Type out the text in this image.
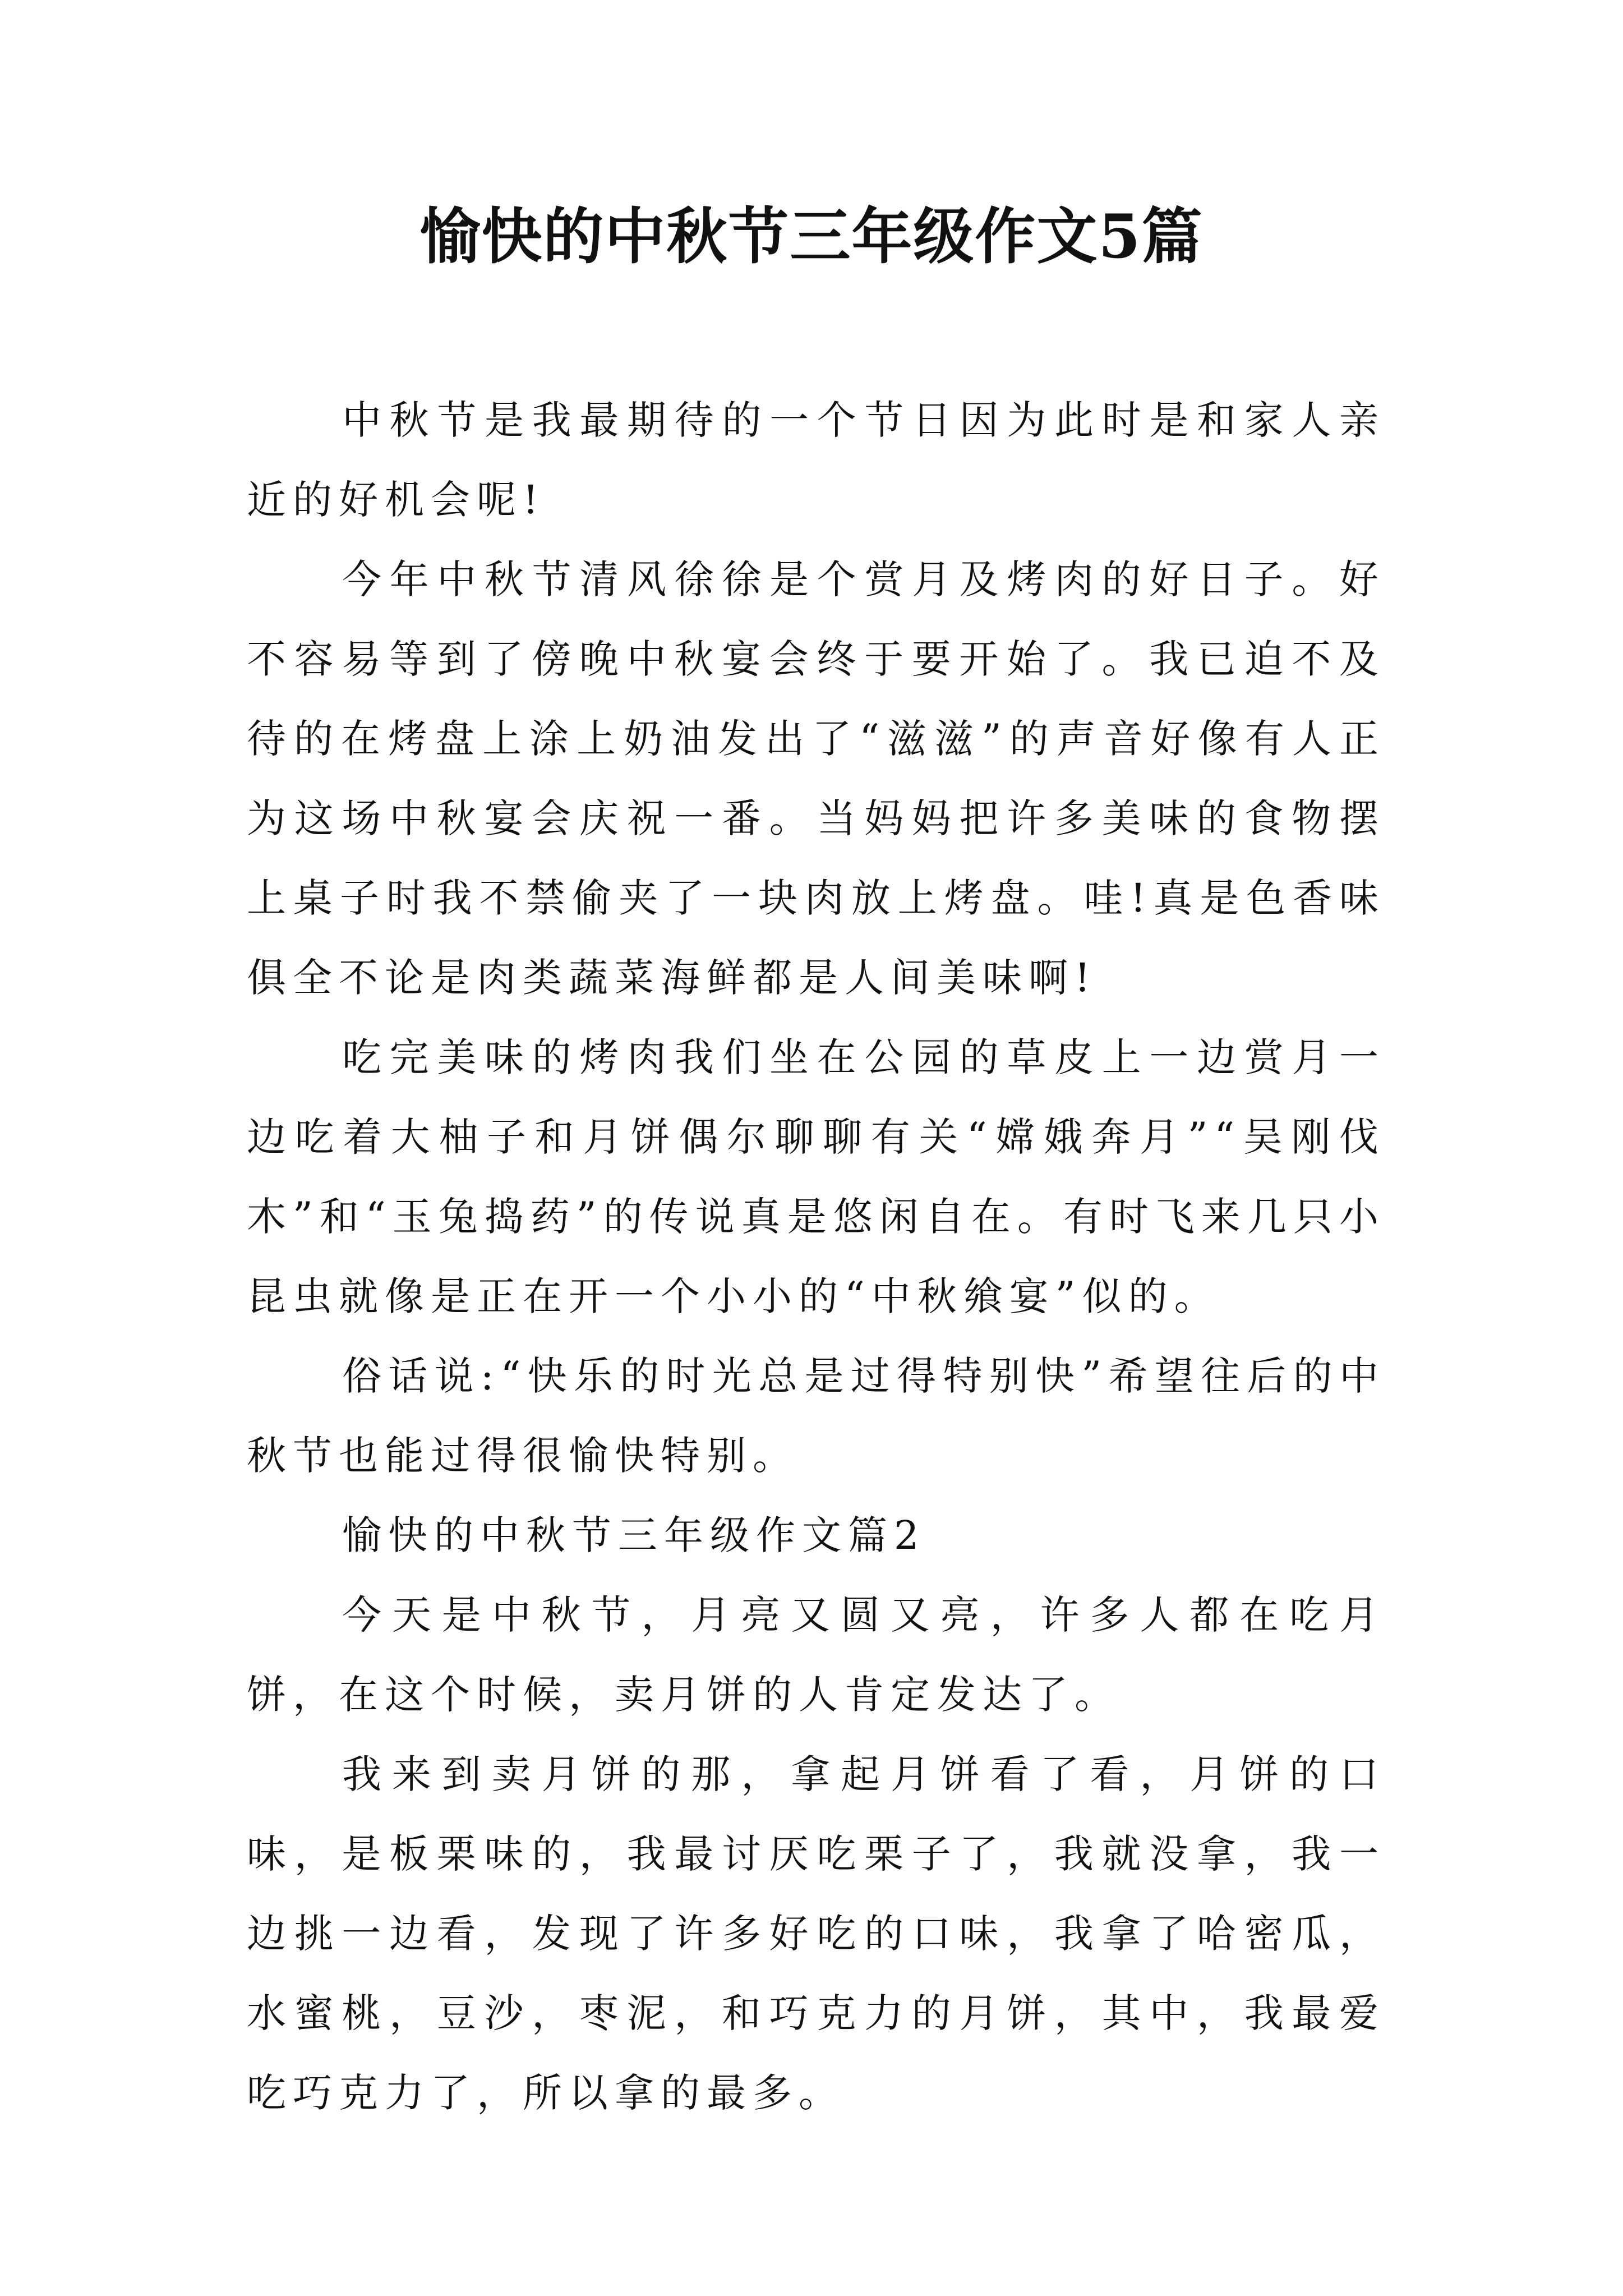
愉快的中秋节三年级作文5篇

中秋节是我最期待的一个节日因为此时是和家人亲近的好机会呢!

今年中秋节清风徐徐是个赏月及烤肉的好日子。好不容易等到了傍晚中秋宴会终于要开始了。我已迫不及待的在烤盘上涂上奶油发出了“滋滋”的声音好像有人正为这场中秋宴会庆祝一番。当妈妈把许多美味的食物摆上桌子时我不禁偷夹了一块肉放上烤盘。哇!真是色香味俱全不论是肉类蔬菜海鲜都是人间美味啊!

吃完美味的烤肉我们坐在公园的草皮上一边赏月一边吃着大柚子和月饼偶尔聊聊有关“嫦娥奔月”“吴刚伐木”和“玉兔捣药”的传说真是悠闲自在。有时飞来几只小昆虫就像是正在开一个小小的“中秋飨宴”似的。

俗话说:“快乐的时光总是过得特别快”希望往后的中秋节也能过得很愉快特别。

愉快的中秋节三年级作文篇2

今天是中秋节，月亮又圆又亮，许多人都在吃月饼，在这个时候，卖月饼的人肯定发达了。

我来到卖月饼的那，拿起月饼看了看，月饼的口味，是板栗味的，我最讨厌吃栗子了，我就没拿，我一边挑一边看，发现了许多好吃的口味，我拿了哈密瓜，水蜜桃，豆沙，枣泥，和巧克力的月饼，其中，我最爱吃巧克力了，所以拿的最多。
